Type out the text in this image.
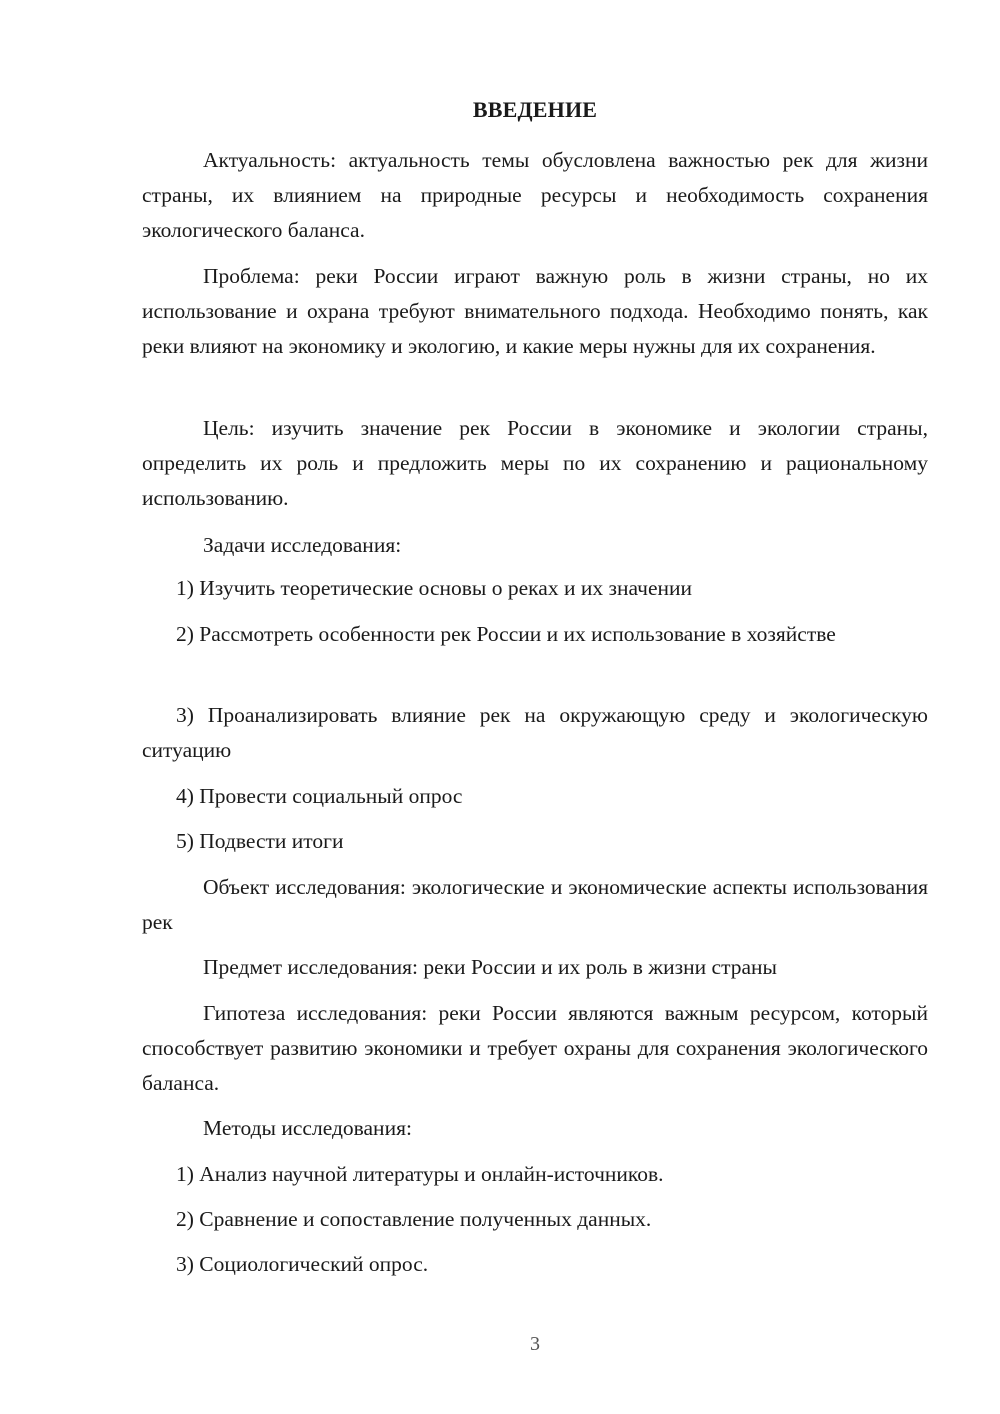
ВВЕДЕНИЕ

Актуальность: актуальность темы обусловлена важностью рек для жизни страны, их влиянием на природные ресурсы и необходимость сохранения экологического баланса.

Проблема: реки России играют важную роль в жизни страны, но их использование и охрана требуют внимательного подхода. Необходимо понять, как реки влияют на экономику и экологию, и какие меры нужны для их сохранения.

Цель: изучить значение рек России в экономике и экологии страны, определить их роль и предложить меры по их сохранению и рациональному использованию.

Задачи исследования:

1) Изучить теоретические основы о реках и их значении

2) Рассмотреть особенности рек России и их использование в хозяйстве

3) Проанализировать влияние рек на окружающую среду и экологическую ситуацию

4) Провести социальный опрос

5) Подвести итоги

Объект исследования: экологические и экономические аспекты использования рек

Предмет исследования: реки России и их роль в жизни страны

Гипотеза исследования: реки России являются важным ресурсом, который способствует развитию экономики и требует охраны для сохранения экологического баланса.

Методы исследования:

1) Анализ научной литературы и онлайн-источников.

2) Сравнение и сопоставление полученных данных.

3) Социологический опрос.

3
